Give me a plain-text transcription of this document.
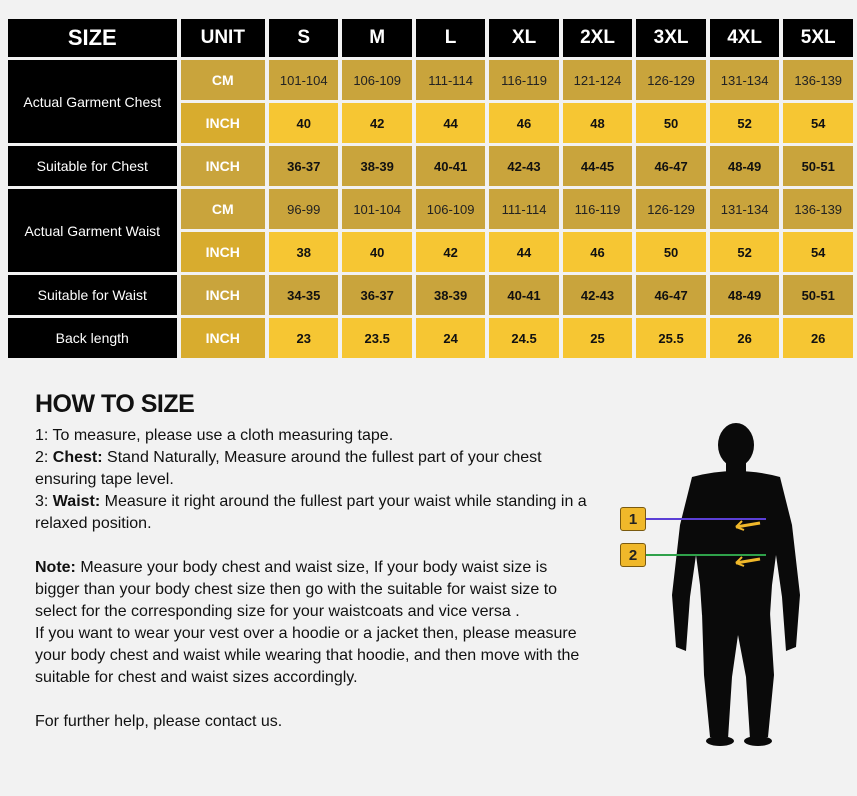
SIZE	UNIT	S	M	L	XL	2XL	3XL	4XL	5XL
Actual Garment Chest	CM	101-104	106-109	111-114	116-119	121-124	126-129	131-134	136-139
	INCH	40	42	44	46	48	50	52	54
Suitable for Chest	INCH	36-37	38-39	40-41	42-43	44-45	46-47	48-49	50-51
Actual Garment Waist	CM	96-99	101-104	106-109	111-114	116-119	126-129	131-134	136-139
	INCH	38	40	42	44	46	50	52	54
Suitable for Waist	INCH	34-35	36-37	38-39	40-41	42-43	46-47	48-49	50-51
Back length	INCH	23	23.5	24	24.5	25	25.5	26	26
HOW TO SIZE

1: To measure, please use a cloth measuring tape.

2: Chest: Stand Naturally, Measure around the fullest part of your chest ensuring tape level.

3: Waist: Measure it right around the fullest part your waist while standing in a relaxed position.

Note: Measure your body chest and waist size, If your body waist size is bigger than your body chest size then go with the suitable for waist size to select for the corresponding size for your waistcoats and vice versa .

If you want to wear your vest over a hoodie or a jacket then, please measure your body chest and waist while wearing that hoodie, and then move with the suitable for chest and waist sizes accordingly.

For further help, please contact us.

1
2
